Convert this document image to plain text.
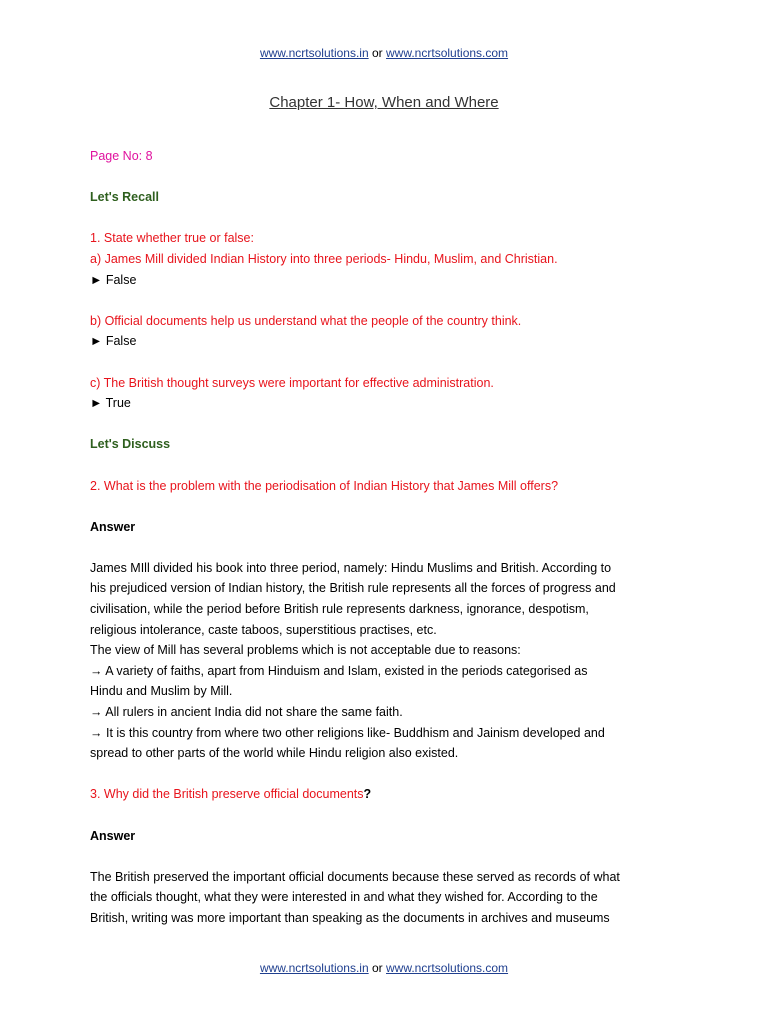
www.ncrtsolutions.in or www.ncrtsolutions.com
Chapter 1- How, When and Where

Page No: 8

Let's Recall

1. State whether true or false:

a) James Mill divided Indian History into three periods- Hindu, Muslim, and Christian.

► False

b) Official documents help us understand what the people of the country think.

► False

c) The British thought surveys were important for effective administration.

► True

Let's Discuss

2. What is the problem with the periodisation of Indian History that James Mill offers?

Answer

James MIll divided his book into three period, namely: Hindu Muslims and British. According to

his prejudiced version of Indian history, the British rule represents all the forces of progress and

civilisation, while the period before British rule represents darkness, ignorance, despotism,

religious intolerance, caste taboos, superstitious practises, etc.

The view of Mill has several problems which is not acceptable due to reasons:

→ A variety of faiths, apart from Hinduism and Islam, existed in the periods categorised as

Hindu and Muslim by Mill.

→ All rulers in ancient India did not share the same faith.

→ It is this country from where two other religions like- Buddhism and Jainism developed and

spread to other parts of the world while Hindu religion also existed.

3. Why did the British preserve official documents?

Answer

The British preserved the important official documents because these served as records of what

the officials thought, what they were interested in and what they wished for. According to the

British, writing was more important than speaking as the documents in archives and museums

www.ncrtsolutions.in or www.ncrtsolutions.com
